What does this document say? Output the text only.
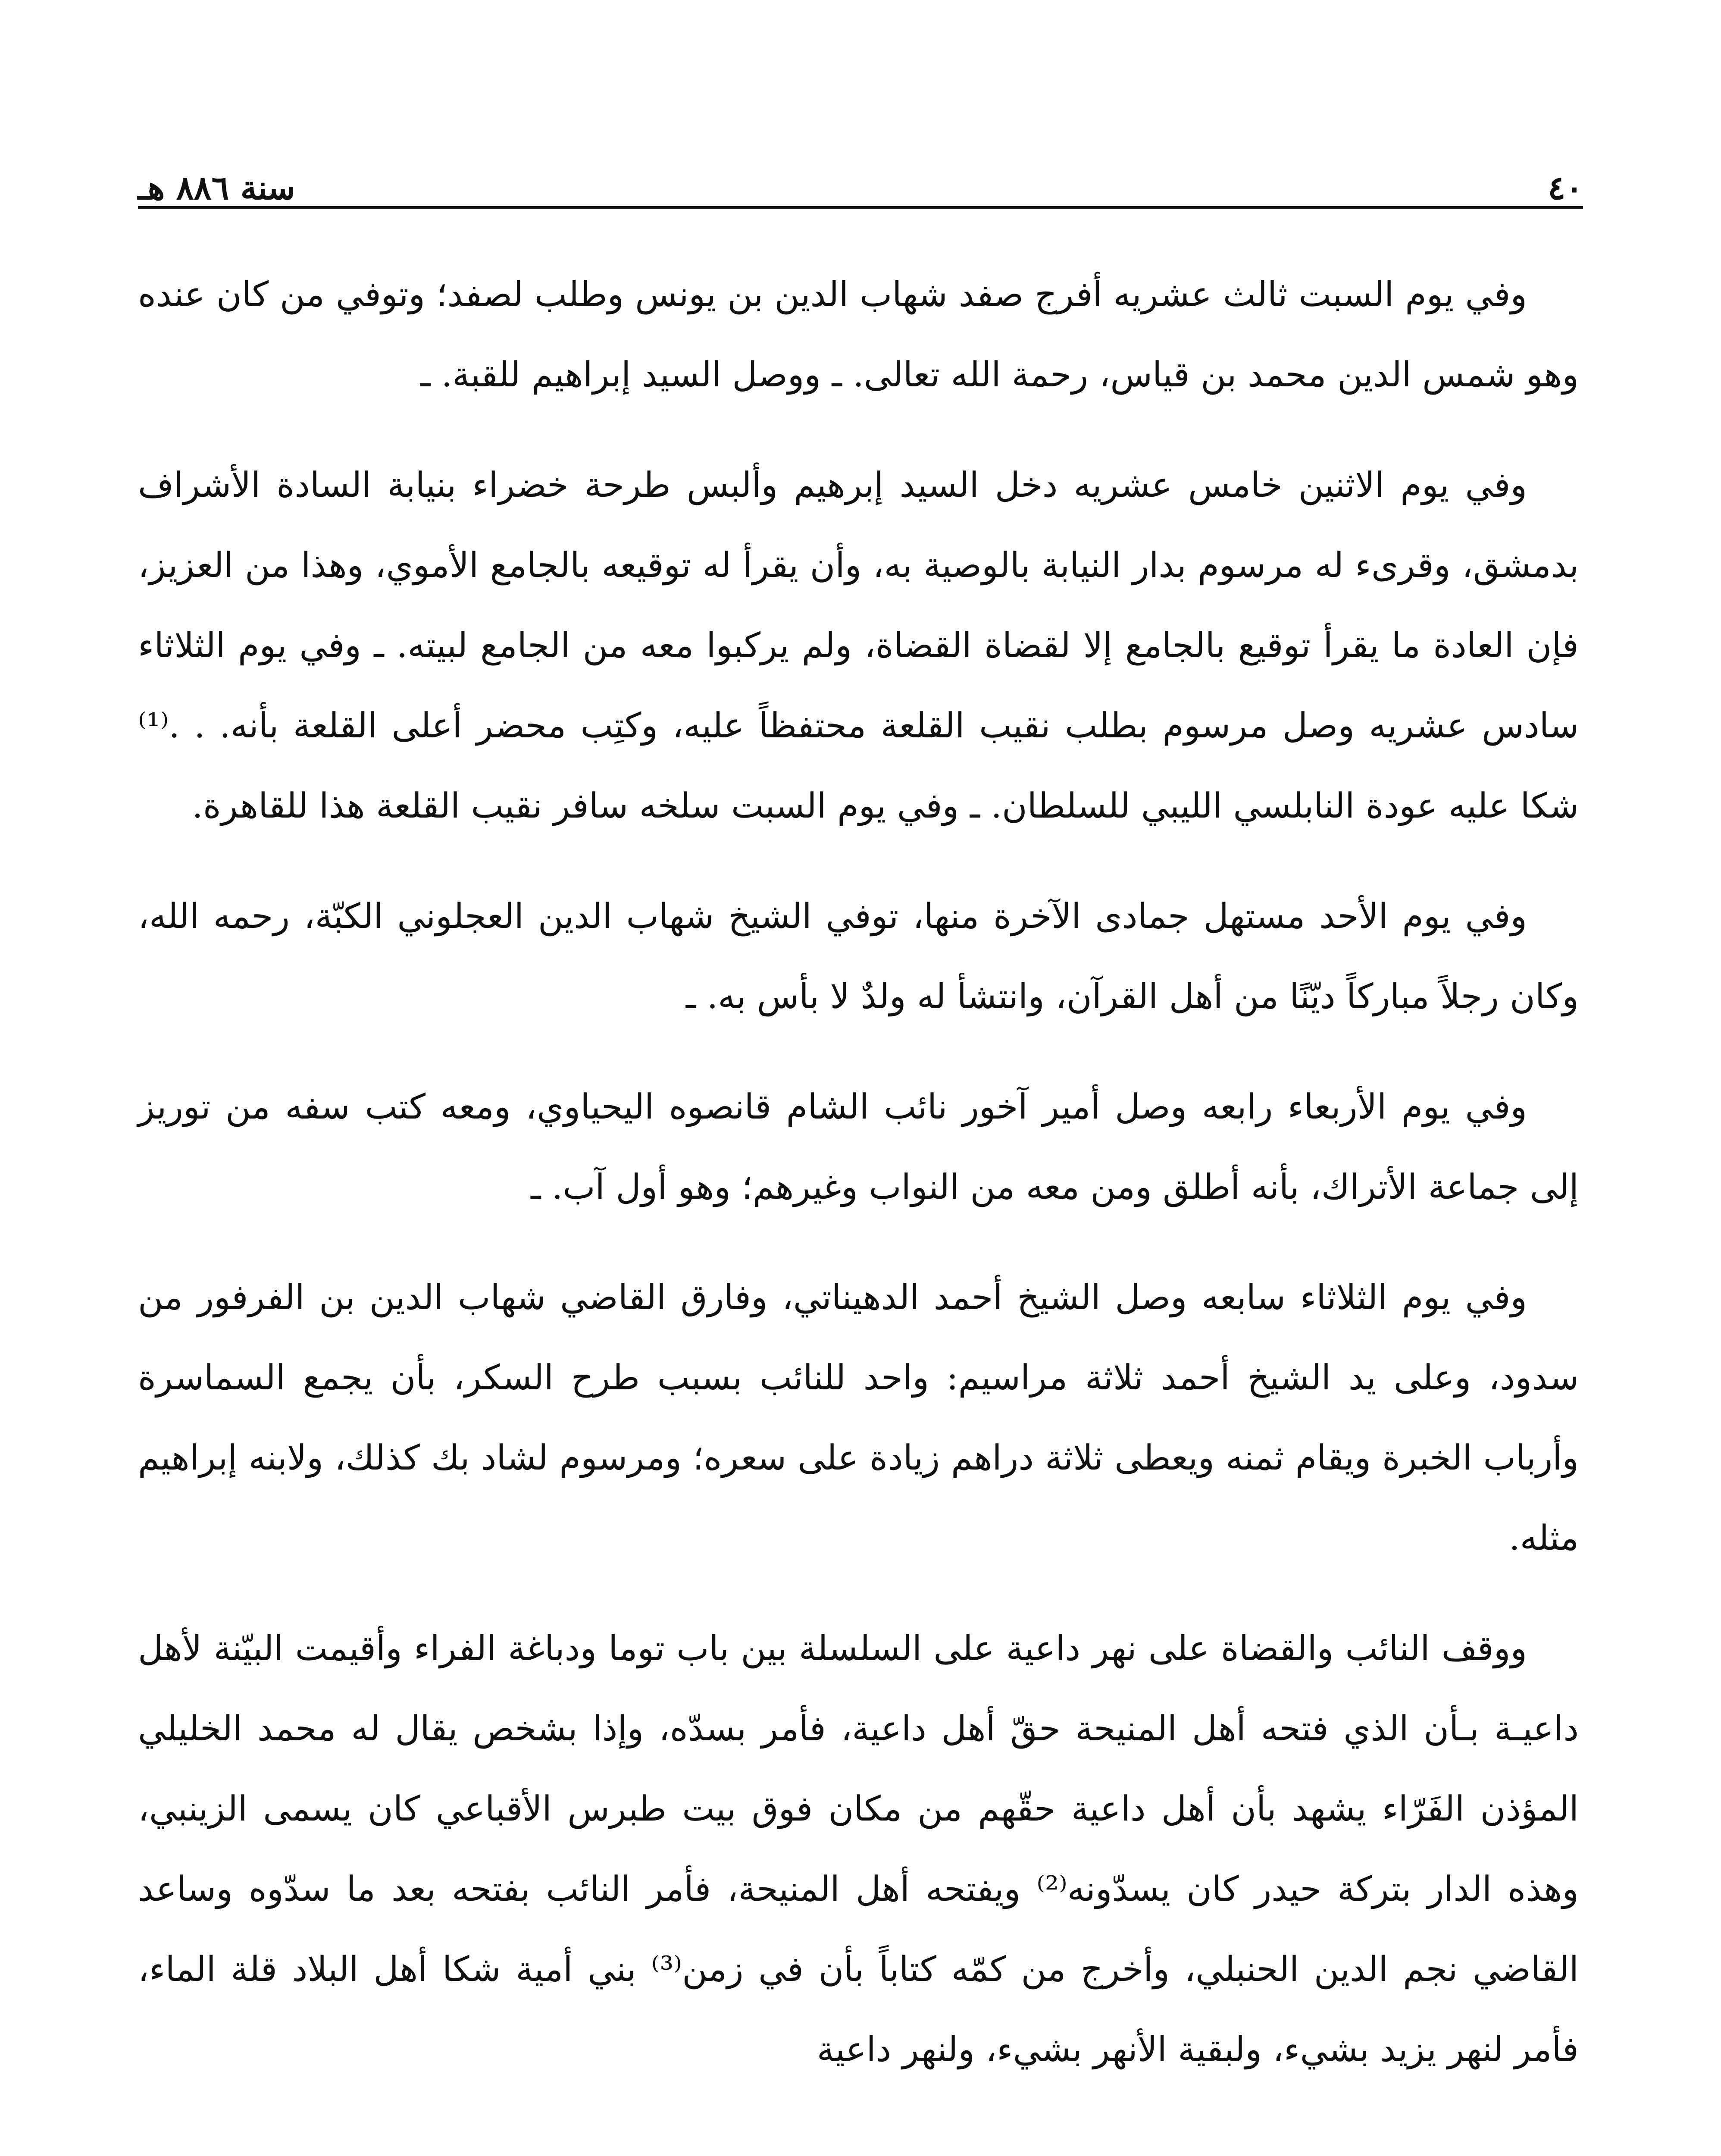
٤٠
سنة ٨٨٦ هـ

وفي يوم السبت ثالث عشريه أفرج صفد شهاب الدين بن يونس وطلب لصفد؛ وتوفي من كان عنده وهو شمس الدين محمد بن قياس، رحمة الله تعالى. ـ ووصل السيد إبراهيم للقبة. ـ

وفي يوم الاثنين خامس عشريه دخل السيد إبرهيم وألبس طرحة خضراء بنيابة السادة الأشراف بدمشق، وقرىء له مرسوم بدار النيابة بالوصية به، وأن يقرأ له توقيعه بالجامع الأموي، وهذا من العزيز، فإن العادة ما يقرأ توقيع بالجامع إلا لقضاة القضاة، ولم يركبوا معه من الجامع لبيته. ـ وفي يوم الثلاثاء سادس عشريه وصل مرسوم بطلب نقيب القلعة محتفظاً عليه، وكتِب محضر أعلى القلعة بأنه. . .⁽¹⁾ شكا عليه عودة النابلسي الليبي للسلطان. ـ وفي يوم السبت سلخه سافر نقيب القلعة هذا للقاهرة.

وفي يوم الأحد مستهل جمادى الآخرة منها، توفي الشيخ شهاب الدين العجلوني الكبّة، رحمه الله، وكان رجلاً مباركاً ديّنًا من أهل القرآن، وانتشأ له ولدٌ لا بأس به. ـ

وفي يوم الأربعاء رابعه وصل أمير آخور نائب الشام قانصوه اليحياوي، ومعه كتب سفه من توريز إلى جماعة الأتراك، بأنه أطلق ومن معه من النواب وغيرهم؛ وهو أول آب. ـ

وفي يوم الثلاثاء سابعه وصل الشيخ أحمد الدهيناتي، وفارق القاضي شهاب الدين بن الفرفور من سدود، وعلى يد الشيخ أحمد ثلاثة مراسيم: واحد للنائب بسبب طرح السكر، بأن يجمع السماسرة وأرباب الخبرة ويقام ثمنه ويعطى ثلاثة دراهم زيادة على سعره؛ ومرسوم لشاد بك كذلك، ولابنه إبراهيم مثله.

ووقف النائب والقضاة على نهر داعية على السلسلة بين باب توما ودباغة الفراء وأقيمت البيّنة لأهل داعيـة بـأن الذي فتحه أهل المنيحة حقّ أهل داعية، فأمر بسدّه، وإذا بشخص يقال له محمد الخليلي المؤذن الفَرّاء يشهد بأن أهل داعية حقّهم من مكان فوق بيت طبرس الأقباعي كان يسمى الزينبي، وهذه الدار بتركة حيدر كان يسدّونه⁽²⁾ ويفتحه أهل المنيحة، فأمر النائب بفتحه بعد ما سدّوه وساعد القاضي نجم الدين الحنبلي، وأخرج من كمّه كتاباً بأن في زمن⁽³⁾ بني أمية شكا أهل البلاد قلة الماء، فأمر لنهر يزيد بشيء، ولبقية الأنهر بشيء، ولنهر داعية
